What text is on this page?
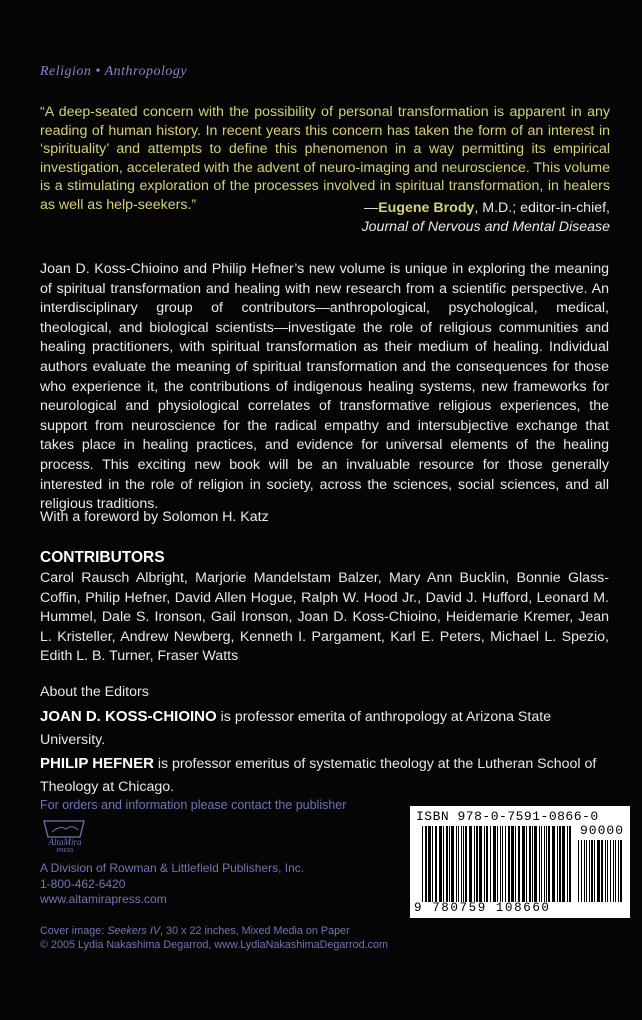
Religion • Anthropology

“A deep-seated concern with the possibility of personal transformation is apparent in any reading of human history. In recent years this concern has taken the form of an interest in ‘spirituality’ and attempts to define this phenomenon in a way permitting its empirical investigation, accelerated with the advent of neuro-imaging and neuroscience. This volume is a stimulating exploration of the processes involved in spiritual transformation, in healers as well as help-seekers.”	—Eugene Brody, M.D.; editor-in-chief,
Journal of Nervous and Mental Disease

Joan D. Koss-Chioino and Philip Hefner’s new volume is unique in exploring the meaning of spiritual transformation and healing with new research from a scientific perspective. An interdisciplinary group of contributors—anthropological, psychological, medical, theological, and biological scientists—investigate the role of religious communities and healing practitioners, with spiritual transformation as their medium of healing. Individual authors evaluate the meaning of spiritual transformation and the consequences for those who experience it, the contributions of indigenous healing systems, new frameworks for neurological and physiological correlates of transformative religious experiences, the support from neuroscience for the radical empathy and intersubjective exchange that takes place in healing practices, and evidence for universal elements of the healing process. This exciting new book will be an invaluable resource for those generally interested in the role of religion in society, across the sciences, social sciences, and all religious traditions.

With a foreword by Solomon H. Katz
CONTRIBUTORS

Carol Rausch Albright, Marjorie Mandelstam Balzer, Mary Ann Bucklin, Bonnie Glass-Coffin, Philip Hefner, David Allen Hogue, Ralph W. Hood Jr., David J. Hufford, Leonard M. Hummel, Dale S. Ironson, Gail Ironson, Joan D. Koss-Chioino, Heidemarie Kremer, Jean L. Kristeller, Andrew Newberg, Kenneth I. Pargament, Karl E. Peters, Michael L. Spezio, Edith L. B. Turner, Fraser Watts

About the Editors

JOAN D. KOSS-CHIOINO is professor emerita of anthropology at Arizona State University.
PHILIP HEFNER is professor emeritus of systematic theology at the Lutheran School of Theology at Chicago.

For orders and information please contact the publisher
AltaMira
PRESS
A Division of Rowman & Littlefield Publishers, Inc.
1-800-462-6420
www.altamirapress.com
Cover image: Seekers IV, 30 x 22 inches, Mixed Media on Paper
© 2005 Lydia Nakashima Degarrod, www.LydiaNakashimaDegarrod.com
ISBN 978-0-7591-0866-0
90000
9 780759 108660
